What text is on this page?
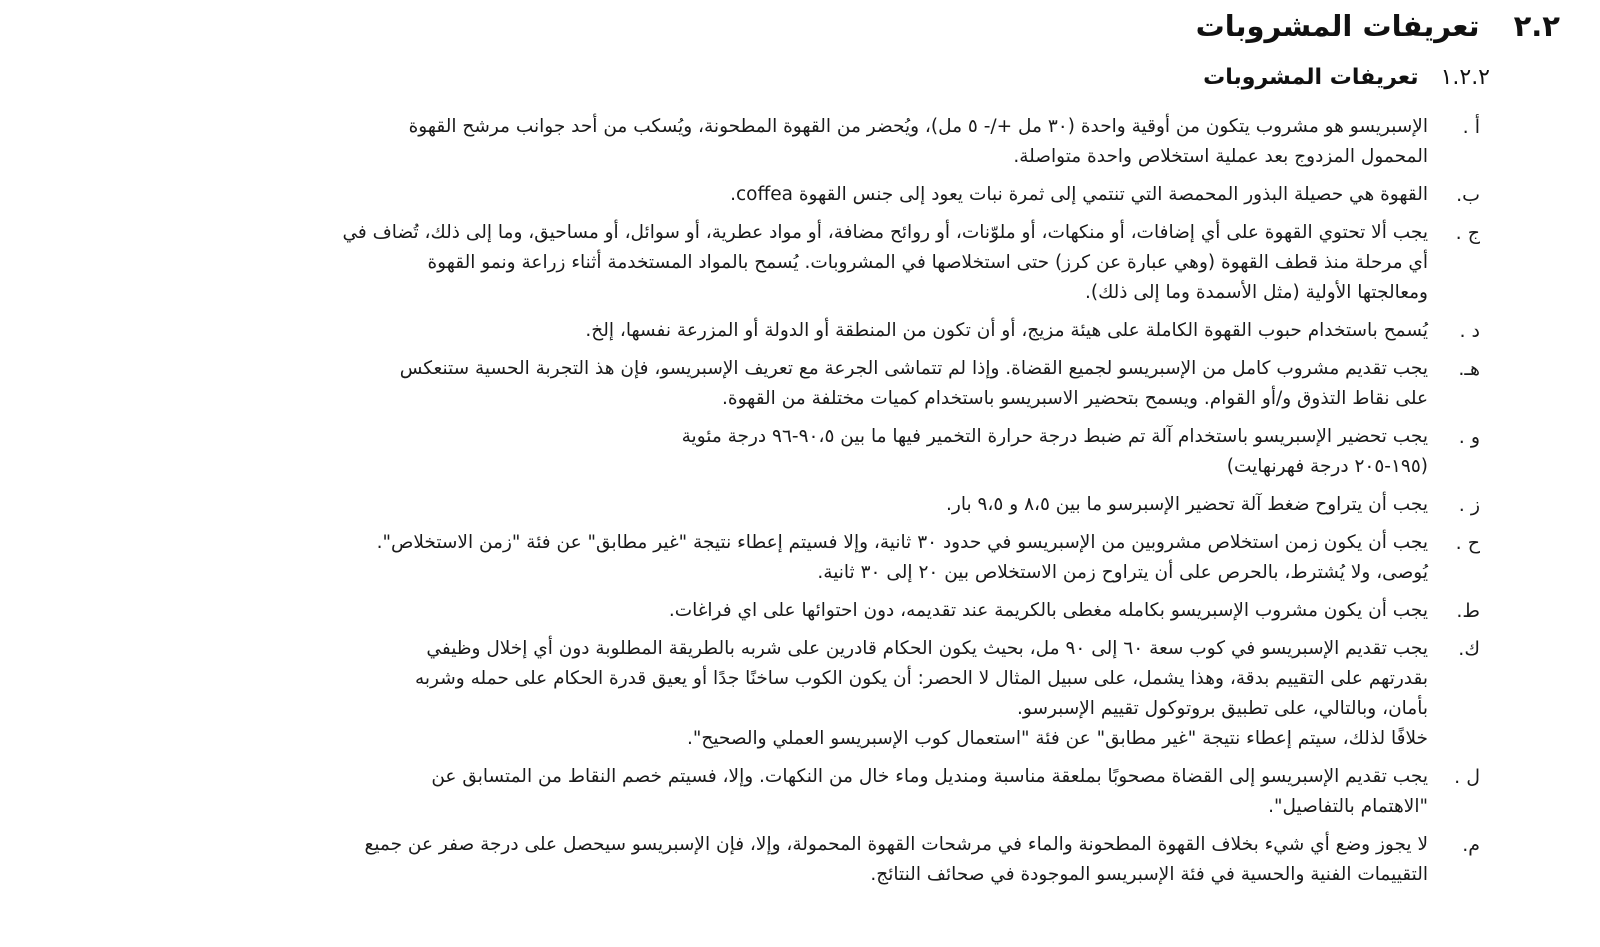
٢.٢
تعريفات المشروبات
١.٢.٢
تعريفات المشروبات
أ .
الإسبريسو هو مشروب يتكون من أوقية واحدة (٣٠ مل +/- ٥ مل)، ويُحضر من القهوة المطحونة، ويُسكب من أحد جوانب مرشح القهوة
المحمول المزدوج بعد عملية استخلاص واحدة متواصلة.
ب.
القهوة هي حصيلة البذور المحمصة التي تنتمي إلى ثمرة نبات يعود إلى جنس القهوة coffea.
ج .
يجب ألا تحتوي القهوة على أي إضافات، أو منكهات، أو ملوّنات، أو روائح مضافة، أو مواد عطرية، أو سوائل، أو مساحيق، وما إلى ذلك، تُضاف في
أي مرحلة منذ قطف القهوة (وهي عبارة عن كرز) حتى استخلاصها في المشروبات. يُسمح بالمواد المستخدمة أثناء زراعة ونمو القهوة
ومعالجتها الأولية (مثل الأسمدة وما إلى ذلك).
د .
يُسمح باستخدام حبوب القهوة الكاملة على هيئة مزيج، أو أن تكون من المنطقة أو الدولة أو المزرعة نفسها، إلخ.
هـ.
يجب تقديم مشروب كامل من الإسبريسو لجميع القضاة. وإذا لم تتماشى الجرعة مع تعريف الإسبريسو، فإن هذ التجربة الحسية ستنعكس
على نقاط التذوق و/أو القوام. ويسمح بتحضير الاسبريسو باستخدام كميات مختلفة من القهوة.
و .
يجب تحضير الإسبريسو باستخدام آلة تم ضبط درجة حرارة التخمير فيها ما بين ٩٠،٥-٩٦ درجة مئوية
(١٩٥-٢٠٥ درجة فهرنهايت)
ز .
يجب أن يتراوح ضغط آلة تحضير الإسبرسو ما بين ٨،٥ و ٩،٥ بار.
ح .
يجب أن يكون زمن استخلاص مشروبين من الإسبريسو في حدود ٣٠ ثانية، وإلا فسيتم إعطاء نتيجة "غير مطابق" عن فئة "زمن الاستخلاص".
يُوصى، ولا يُشترط، بالحرص على أن يتراوح زمن الاستخلاص بين ٢٠ إلى ٣٠ ثانية.
ط.
يجب أن يكون مشروب الإسبريسو بكامله مغطى بالكريمة عند تقديمه، دون احتوائها على اي فراغات.
ك.
يجب تقديم الإسبريسو في كوب سعة ٦٠ إلى ٩٠ مل، بحيث يكون الحكام قادرين على شربه بالطريقة المطلوبة دون أي إخلال وظيفي
بقدرتهم على التقييم بدقة، وهذا يشمل، على سبيل المثال لا الحصر: أن يكون الكوب ساخنًا جدًا أو يعيق قدرة الحكام على حمله وشربه
بأمان، وبالتالي، على تطبيق بروتوكول تقييم الإسبرسو.
خلافًا لذلك، سيتم إعطاء نتيجة "غير مطابق" عن فئة "استعمال كوب الإسبريسو العملي والصحيح".
ل .
يجب تقديم الإسبريسو إلى القضاة مصحوبًا بملعقة مناسبة ومنديل وماء خال من النكهات. وإلا، فسيتم خصم النقاط من المتسابق عن
"الاهتمام بالتفاصيل".
م.
لا يجوز وضع أي شيء بخلاف القهوة المطحونة والماء في مرشحات القهوة المحمولة، وإلا، فإن الإسبريسو سيحصل على درجة صفر عن جميع
التقييمات الفنية والحسية في فئة الإسبريسو الموجودة في صحائف النتائج.
